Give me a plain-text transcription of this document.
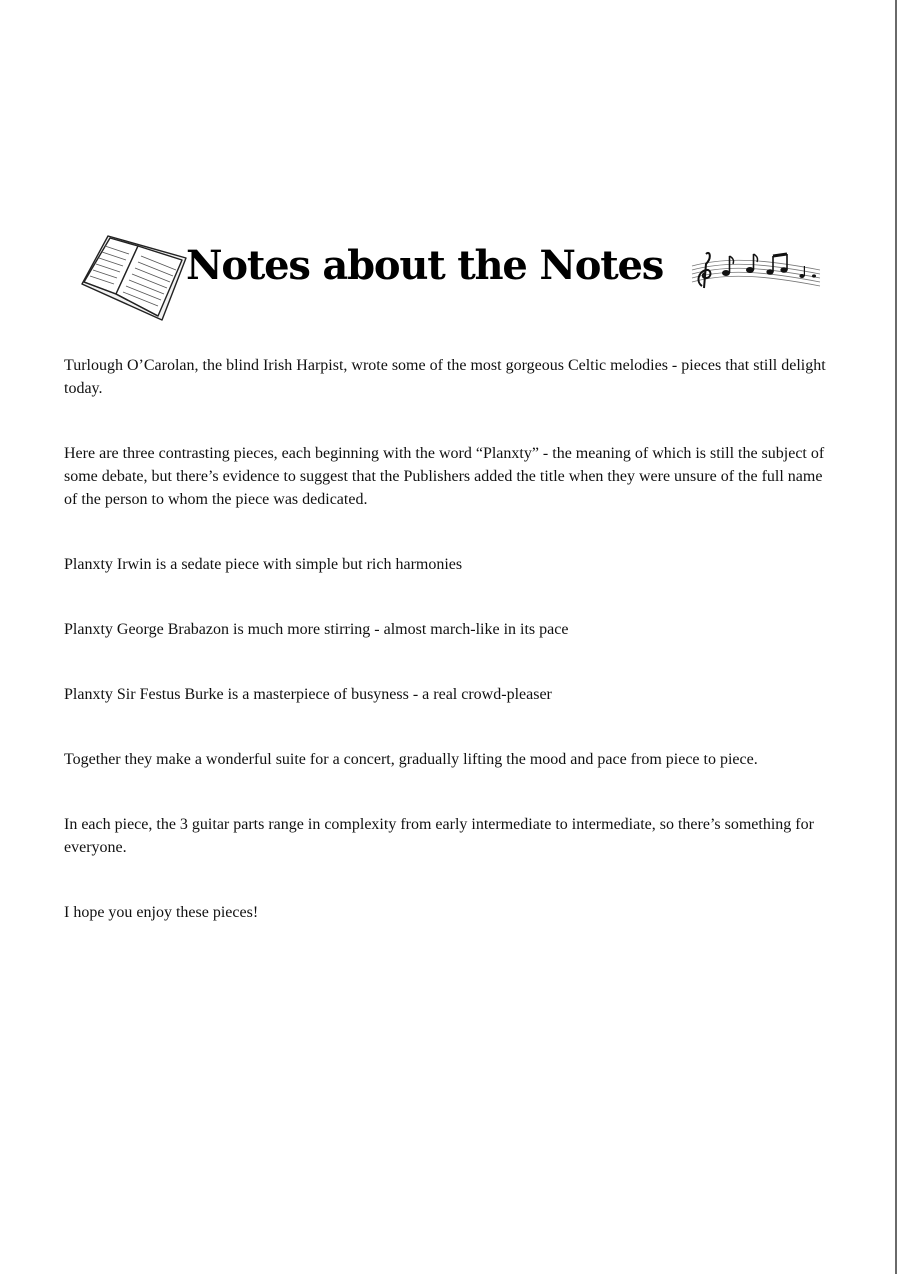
Notes about the Notes

Turlough O’Carolan, the blind Irish Harpist, wrote some of the most gorgeous Celtic melodies - pieces that still delight today.

Here are three contrasting pieces, each beginning with the word “Planxty” - the meaning of which is still the subject of some debate, but there’s evidence to suggest that the Publishers added the title when they were unsure of the full name of the person to whom the piece was dedicated.

Planxty Irwin is a sedate piece with simple but rich harmonies

Planxty George Brabazon is much more stirring - almost march-like in its pace

Planxty Sir Festus Burke is a masterpiece of busyness - a real crowd-pleaser

Together they make a wonderful suite for a concert, gradually lifting the mood and pace from piece to piece.

In each piece, the 3 guitar parts range in complexity from early intermediate to intermediate, so there’s something for everyone.

I hope you enjoy these pieces!
